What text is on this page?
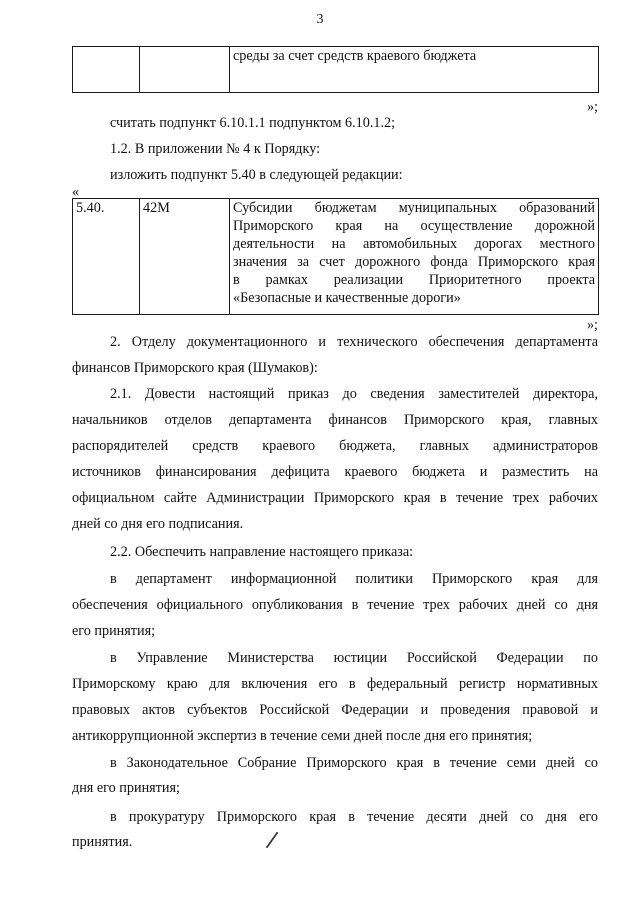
3
		среды за счет средств краевого бюджета
»;
считать подпункт 6.10.1.1 подпунктом 6.10.1.2;
1.2. В приложении № 4 к Порядку:
изложить подпункт 5.40 в следующей редакции:
«
5.40.	42М	Субсидии бюджетам муниципальных образований
Приморского края на осуществление дорожной
деятельности на автомобильных дорогах местного
значения за счет дорожного фонда Приморского края
в рамках реализации Приоритетного проекта
«Безопасные и качественные дороги»
»;
2. Отделу документационного и технического обеспечения департамента
финансов Приморского края (Шумаков):
2.1. Довести настоящий приказ до сведения заместителей директора,
начальников отделов департамента финансов Приморского края, главных
распорядителей средств краевого бюджета, главных администраторов
источников финансирования дефицита краевого бюджета и разместить на
официальном сайте Администрации Приморского края в течение трех рабочих
дней со дня его подписания.
2.2. Обеспечить направление настоящего приказа:
в департамент информационной политики Приморского края для
обеспечения официального опубликования в течение трех рабочих дней со дня
его принятия;
в Управление Министерства юстиции Российской Федерации по
Приморскому краю для включения его в федеральный регистр нормативных
правовых актов субъектов Российской Федерации и проведения правовой и
антикоррупционной экспертиз в течение семи дней после дня его принятия;
в Законодательное Собрание Приморского края в течение семи дней со
дня его принятия;
в прокуратуру Приморского края в течение десяти дней со дня его
принятия.	/
